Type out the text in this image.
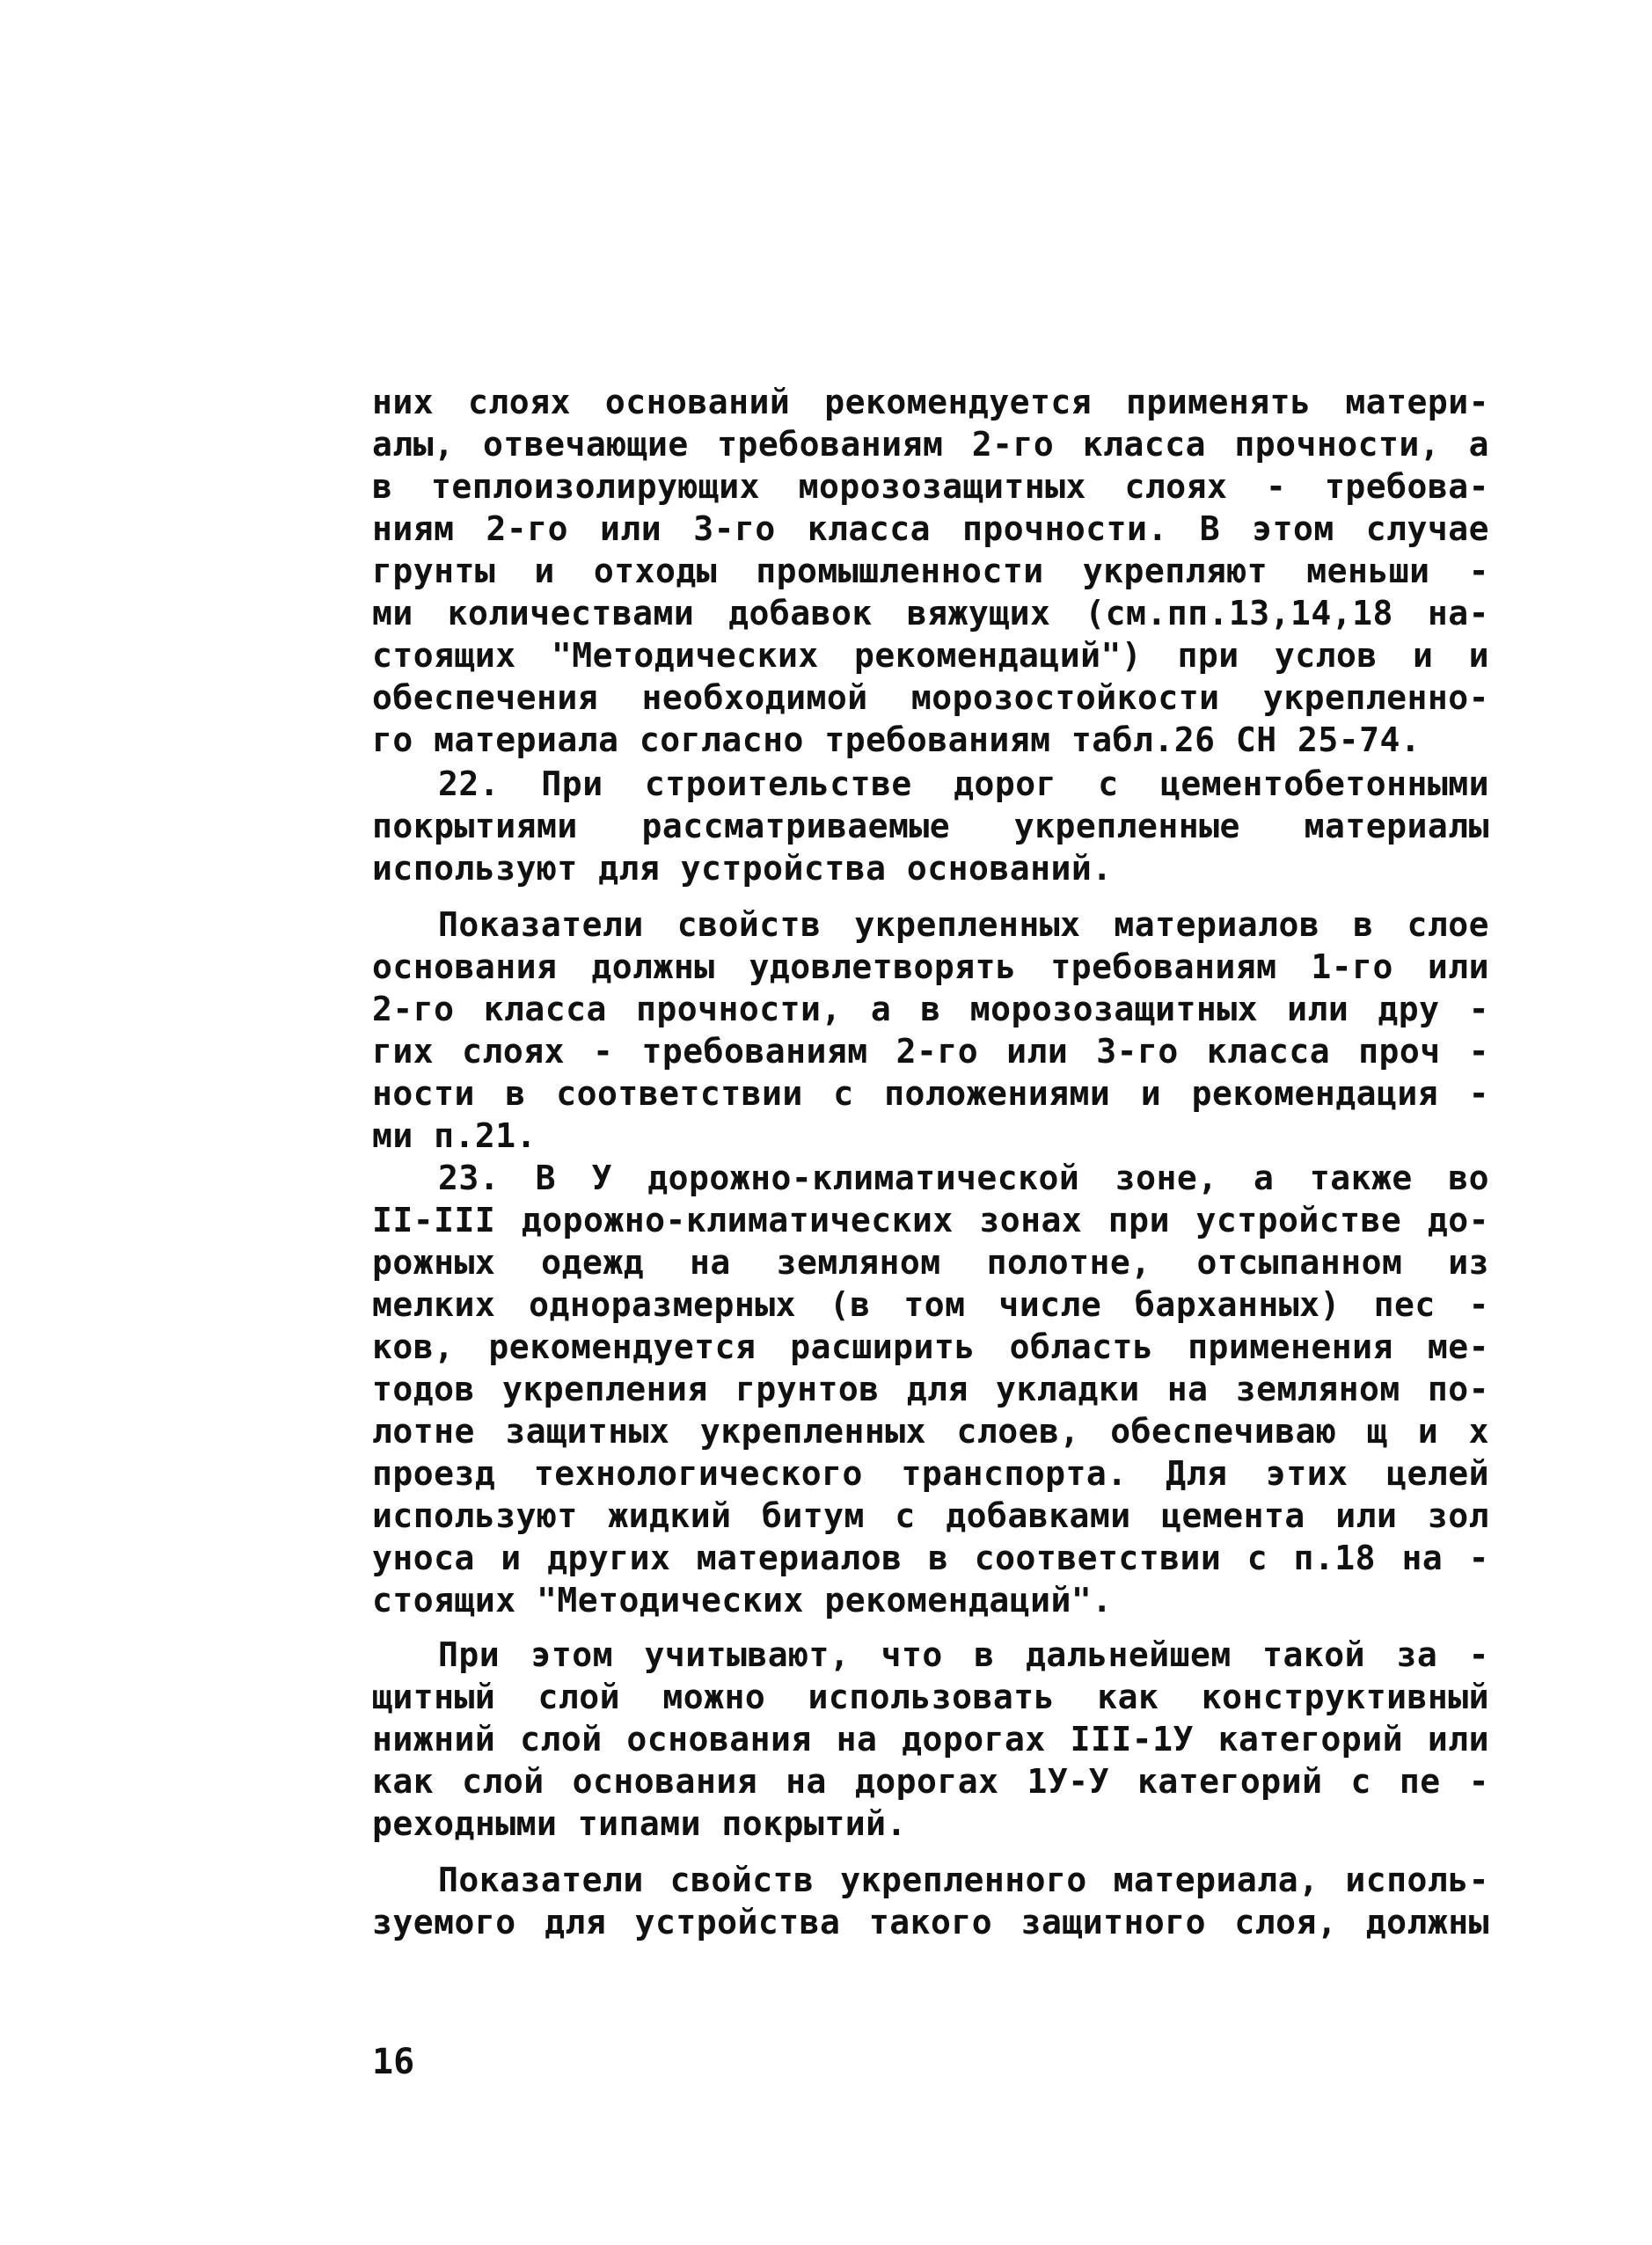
них слоях оснований рекомендуется применять матери-
алы, отвечающие требованиям 2-го класса прочности, а
в теплоизолирующих морозозащитных слоях - требова-
ниям 2-го или 3-го класса прочности. В этом случае
грунты и отходы промышленности укрепляют меньши -
ми количествами добавок вяжущих (см.пп.13,14,18 на-
стоящих "Методических рекомендаций") при услов и и
обеспечения необходимой морозостойкости укрепленно-
го материала согласно требованиям табл.26 СН 25-74.
22. При строительстве дорог с цементобетонными
покрытиями рассматриваемые укрепленные материалы
используют для устройства оснований.
Показатели свойств укрепленных материалов в слое
основания должны удовлетворять требованиям 1-го или
2-го класса прочности, а в морозозащитных или дру -
гих слоях - требованиям 2-го или 3-го класса проч -
ности в соответствии с положениями и рекомендация -
ми п.21.
23. В У дорожно-климатической зоне, а также во
II-III дорожно-климатических зонах при устройстве до-
рожных одежд на земляном полотне, отсыпанном из
мелких одноразмерных (в том числе барханных) пес -
ков, рекомендуется расширить область применения ме-
тодов укрепления грунтов для укладки на земляном по-
лотне защитных укрепленных слоев, обеспечиваю щ и х
проезд технологического транспорта. Для этих целей
используют жидкий битум с добавками цемента или зол
уноса и других материалов в соответствии с п.18 на -
стоящих "Методических рекомендаций".
При этом учитывают, что в дальнейшем такой за -
щитный слой можно использовать как конструктивный
нижний слой основания на дорогах III-1У категорий или
как слой основания на дорогах 1У-У категорий с пе -
реходными типами покрытий.
Показатели свойств укрепленного материала, исполь-
зуемого для устройства такого защитного слоя, должны
16
